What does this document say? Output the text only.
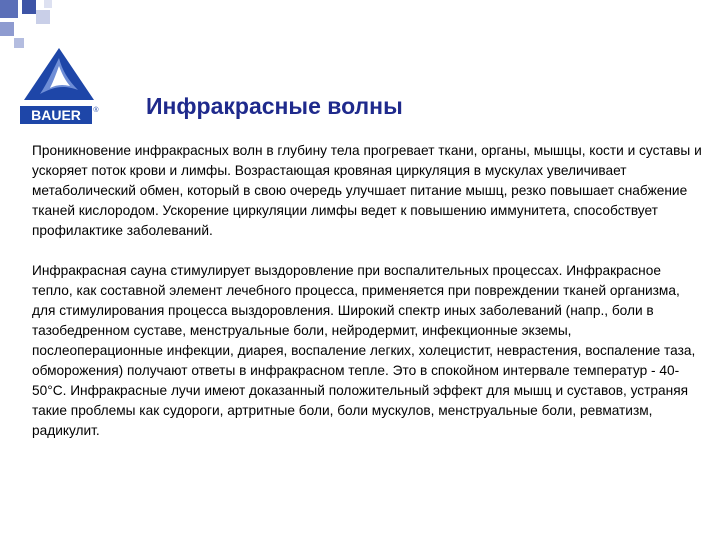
BAUER ® Инфракрасные волны

Проникновение инфракрасных волн в глубину тела прогревает ткани, органы, мышцы, кости и суставы и ускоряет поток крови и лимфы. Возрастающая кровяная циркуляция в мускулах увеличивает метаболический обмен, который в свою очередь улучшает питание мышц, резко повышает снабжение тканей кислородом. Ускорение циркуляции лимфы ведет к повышению иммунитета, способствует профилактике заболеваний.

Инфракрасная сауна стимулирует выздоровление при воспалительных процессах. Инфракрасное тепло, как составной элемент лечебного процесса, применяется при повреждении тканей организма, для стимулирования процесса выздоровления. Широкий спектр иных заболеваний (напр., боли в тазобедренном суставе, менструальные боли, нейродермит, инфекционные экземы, послеоперационные инфекции, диарея, воспаление легких, холецистит, неврастения, воспаление таза, обморожения) получают ответы в инфракрасном тепле. Это в спокойном интервале температур - 40-50°С. Инфракрасные лучи имеют доказанный положительный эффект для мышц и суставов, устраняя такие проблемы как судороги, артритные боли, боли мускулов, менструальные боли, ревматизм, радикулит.
